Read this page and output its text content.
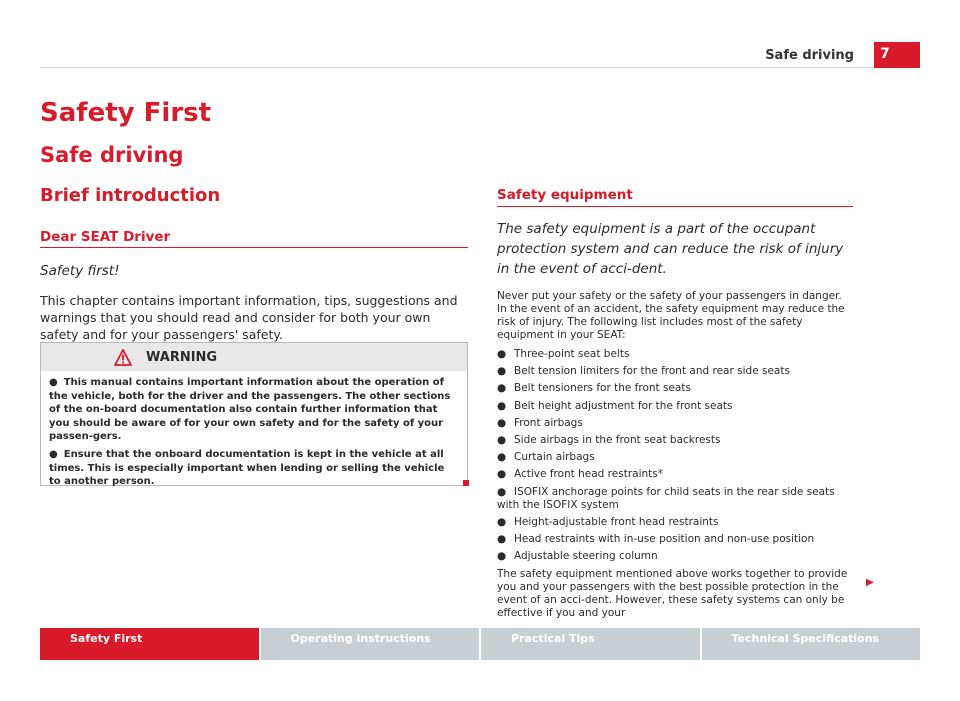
Safe driving	7
Safety First
Safe driving
Brief introduction
Dear SEAT Driver
Safety first!
This chapter contains important information, tips, suggestions and warnings that you should read and consider for both your own safety and for your passengers' safety.
WARNING

● This manual contains important information about the operation of the vehicle, both for the driver and the passengers. The other sections of the on-board documentation also contain further information that you should be aware of for your own safety and for the safety of your passen-gers.

● Ensure that the onboard documentation is kept in the vehicle at all times. This is especially important when lending or selling the vehicle to another person.

Safety equipment
The safety equipment is a part of the occupant protection system and can reduce the risk of injury in the event of acci-dent.
Never put your safety or the safety of your passengers in danger. In the event of an accident, the safety equipment may reduce the risk of injury. The following list includes most of the safety equipment in your SEAT:
● Three-point seat belts
● Belt tension limiters for the front and rear side seats
● Belt tensioners for the front seats
● Belt height adjustment for the front seats
● Front airbags
● Side airbags in the front seat backrests
● Curtain airbags
● Active front head restraints*
● ISOFIX anchorage points for child seats in the rear side seats with the ISOFIX system
● Height-adjustable front head restraints
● Head restraints with in-use position and non-use position
● Adjustable steering column
The safety equipment mentioned above works together to provide you and your passengers with the best possible protection in the event of an acci-dent. However, these safety systems can only be effective if you and your
▶
Safety First	Operating instructions	Practical Tips	Technical Specifications
